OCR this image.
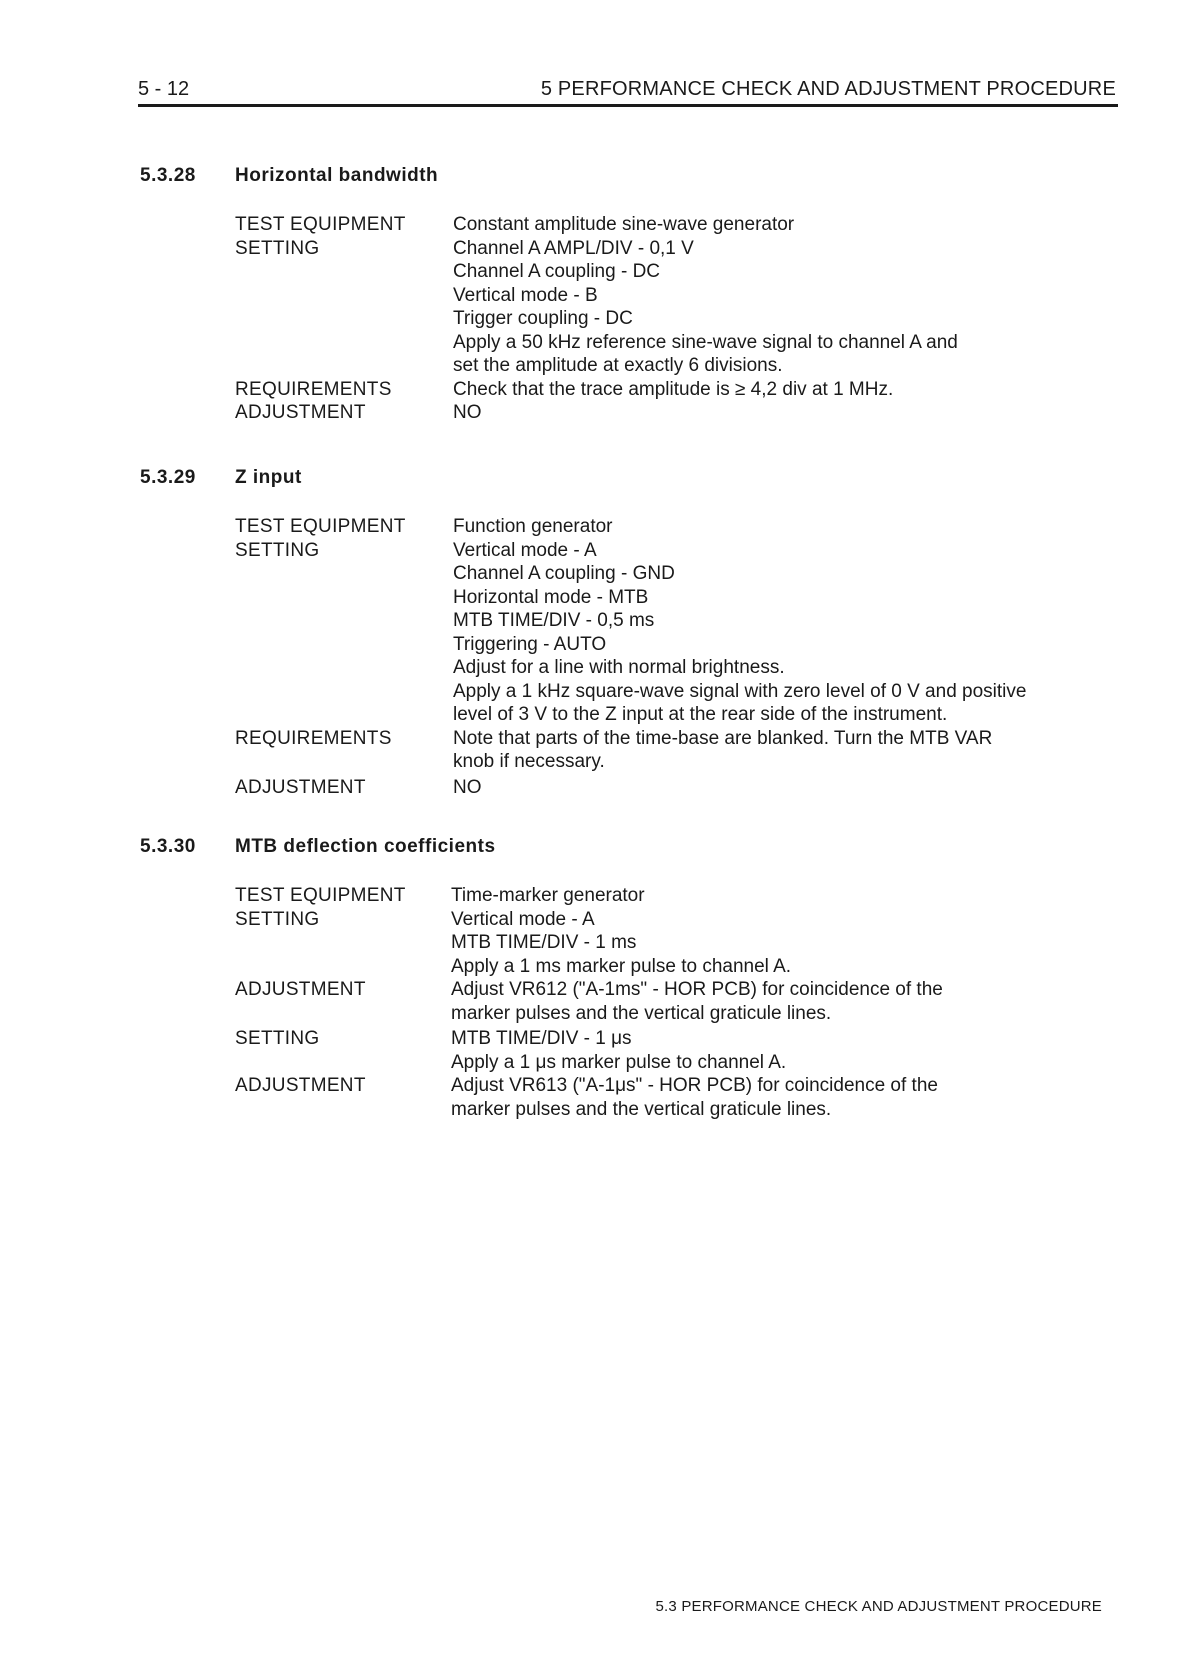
5 - 12	5 PERFORMANCE CHECK AND ADJUSTMENT PROCEDURE
5.3.28 Horizontal bandwidth
TEST EQUIPMENT	Constant amplitude sine-wave generator
SETTING	Channel A AMPL/DIV - 0,1 V
Channel A coupling - DC
Vertical mode - B
Trigger coupling - DC
Apply a 50 kHz reference sine-wave signal to channel A and
set the amplitude at exactly 6 divisions.
REQUIREMENTS	Check that the trace amplitude is ≥ 4,2 div at 1 MHz.
ADJUSTMENT	NO
5.3.29 Z input
TEST EQUIPMENT	Function generator
SETTING	Vertical mode - A
Channel A coupling - GND
Horizontal mode - MTB
MTB TIME/DIV - 0,5 ms
Triggering - AUTO
Adjust for a line with normal brightness.
Apply a 1 kHz square-wave signal with zero level of 0 V and positive
level of 3 V to the Z input at the rear side of the instrument.
REQUIREMENTS	Note that parts of the time-base are blanked. Turn the MTB VAR
knob if necessary.
ADJUSTMENT	NO
5.3.30 MTB deflection coefficients
TEST EQUIPMENT	Time-marker generator
SETTING	Vertical mode - A
MTB TIME/DIV - 1 ms
Apply a 1 ms marker pulse to channel A.
ADJUSTMENT	Adjust VR612 ("A-1ms" - HOR PCB) for coincidence of the
marker pulses and the vertical graticule lines.
SETTING	MTB TIME/DIV - 1 μs
Apply a 1 μs marker pulse to channel A.
ADJUSTMENT	Adjust VR613 ("A-1μs" - HOR PCB) for coincidence of the
marker pulses and the vertical graticule lines.
5.3 PERFORMANCE CHECK AND ADJUSTMENT PROCEDURE
